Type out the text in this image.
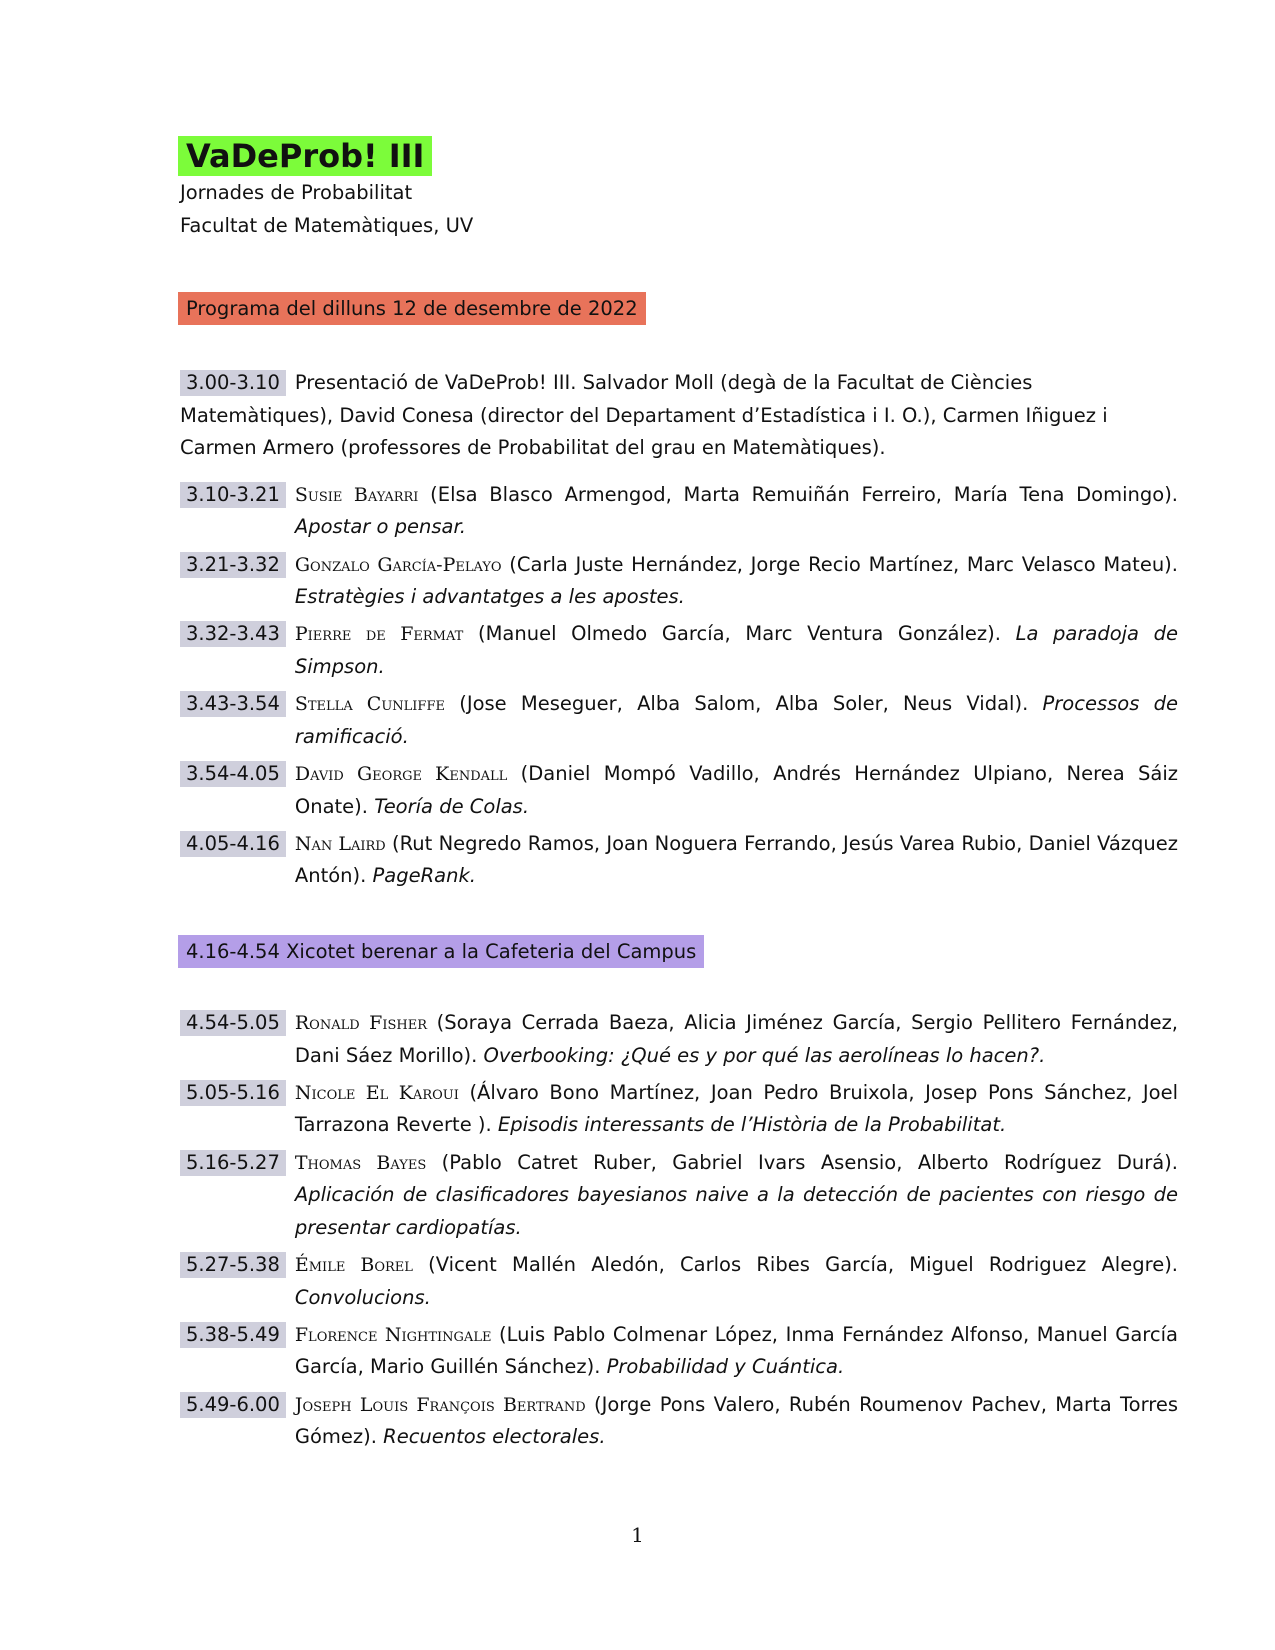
VaDeProb! III
Jornades de Probabilitat
Facultat de Matemàtiques, UV
Programa del dilluns 12 de desembre de 2022
3.00-3.10 Presentació de VaDeProb! III. Salvador Moll (degà de la Facultat de Ciències Matemàtiques), David Conesa (director del Departament d’Estadística i I. O.), Carmen Iñiguez i Carmen Armero (professores de Probabilitat del grau en Matemàtiques).
3.10-3.21 Susie Bayarri (Elsa Blasco Armengod, Marta Remuiñán Ferreiro, María Tena Domingo). Apostar o pensar.
3.21-3.32 Gonzalo García-Pelayo (Carla Juste Hernández, Jorge Recio Martínez, Marc Velasco Mateu). Estratègies i advantatges a les apostes.
3.32-3.43 Pierre de Fermat (Manuel Olmedo García, Marc Ventura González). La paradoja de Simpson.
3.43-3.54 Stella Cunliffe (Jose Meseguer, Alba Salom, Alba Soler, Neus Vidal). Processos de ramificació.
3.54-4.05 David George Kendall (Daniel Mompó Vadillo, Andrés Hernández Ulpiano, Nerea Sáiz Onate). Teoría de Colas.
4.05-4.16 Nan Laird (Rut Negredo Ramos, Joan Noguera Ferrando, Jesús Varea Rubio, Daniel Vázquez Antón). PageRank.
4.16-4.54 Xicotet berenar a la Cafeteria del Campus
4.54-5.05 Ronald Fisher (Soraya Cerrada Baeza, Alicia Jiménez García, Sergio Pellitero Fernández, Dani Sáez Morillo). Overbooking: ¿Qué es y por qué las aerolíneas lo hacen?.
5.05-5.16 Nicole El Karoui (Álvaro Bono Martínez, Joan Pedro Bruixola, Josep Pons Sánchez, Joel Tarrazona Reverte ). Episodis interessants de l’Història de la Probabilitat.
5.16-5.27 Thomas Bayes (Pablo Catret Ruber, Gabriel Ivars Asensio, Alberto Rodríguez Durá). Aplicación de clasificadores bayesianos naive a la detección de pacientes con riesgo de presentar cardiopatías.
5.27-5.38 Émile Borel (Vicent Mallén Aledón, Carlos Ribes García, Miguel Rodriguez Alegre). Convolucions.
5.38-5.49 Florence Nightingale (Luis Pablo Colmenar López, Inma Fernández Alfonso, Manuel García García, Mario Guillén Sánchez). Probabilidad y Cuántica.
5.49-6.00 Joseph Louis François Bertrand (Jorge Pons Valero, Rubén Roumenov Pachev, Marta Torres Gómez). Recuentos electorales.
1
